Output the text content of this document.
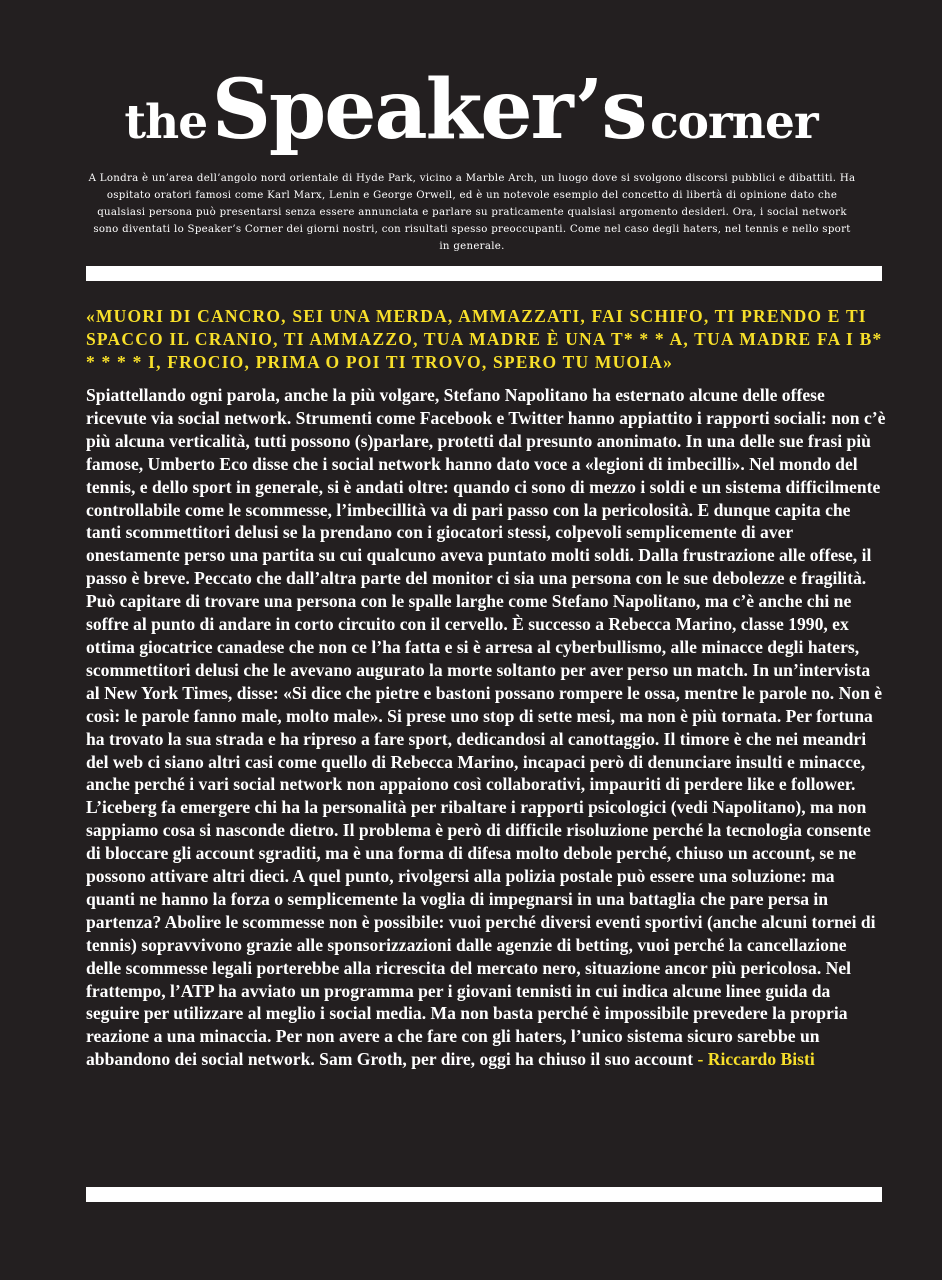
the Speaker’s corner
A Londra è un’area dell’angolo nord orientale di Hyde Park, vicino a Marble Arch, un luogo dove si svolgono discorsi pubblici e dibattiti. Ha ospitato oratori famosi come Karl Marx, Lenin e George Orwell, ed è un notevole esempio del concetto di libertà di opinione dato che qualsiasi persona può presentarsi senza essere annunciata e parlare su praticamente qualsiasi argomento desideri. Ora, i social network sono diventati lo Speaker’s Corner dei giorni nostri, con risultati spesso preoccupanti. Come nel caso degli haters, nel tennis e nello sport in generale.
«MUORI DI CANCRO, SEI UNA MERDA, AMMAZZATI, FAI SCHIFO, TI PRENDO E TI SPACCO IL CRANIO, TI AMMAZZO, TUA MADRE È UNA T* * * A, TUA MADRE FA I B* * * * * I, FROCIO, PRIMA O POI TI TROVO, SPERO TU MUOIA»
Spiattellando ogni parola, anche la più volgare, Stefano Napolitano ha esternato alcune delle offese ricevute via social network. Strumenti come Facebook e Twitter hanno appiattito i rapporti sociali: non c’è più alcuna verticalità, tutti possono (s)parlare, protetti dal presunto anonimato. In una delle sue frasi più famose, Umberto Eco disse che i social network hanno dato voce a «legioni di imbecilli». Nel mondo del tennis, e dello sport in generale, si è andati oltre: quando ci sono di mezzo i soldi e un sistema difficilmente controllabile come le scommesse, l’imbecillità va di pari passo con la pericolosità. E dunque capita che tanti scommettitori delusi se la prendano con i giocatori stessi, colpevoli semplicemente di aver onestamente perso una partita su cui qualcuno aveva puntato molti soldi. Dalla frustrazione alle offese, il passo è breve. Peccato che dall’altra parte del monitor ci sia una persona con le sue debolezze e fragilità. Può capitare di trovare una persona con le spalle larghe come Stefano Napolitano, ma c’è anche chi ne soffre al punto di andare in corto circuito con il cervello. È successo a Rebecca Marino, classe 1990, ex ottima giocatrice canadese che non ce l’ha fatta e si è arresa al cyberbullismo, alle minacce degli haters, scommettitori delusi che le avevano augurato la morte soltanto per aver perso un match. In un’intervista al New York Times, disse: «Si dice che pietre e bastoni possano rompere le ossa, mentre le parole no. Non è così: le parole fanno male, molto male». Si prese uno stop di sette mesi, ma non è più tornata. Per fortuna ha trovato la sua strada e ha ripreso a fare sport, dedicandosi al canottaggio. Il timore è che nei meandri del web ci siano altri casi come quello di Rebecca Marino, incapaci però di denunciare insulti e minacce, anche perché i vari social network non appaiono così collaborativi, impauriti di perdere like e follower. L’iceberg fa emergere chi ha la personalità per ribaltare i rapporti psicologici (vedi Napolitano), ma non sappiamo cosa si nasconde dietro. Il problema è però di difficile risoluzione perché la tecnologia consente di bloccare gli account sgraditi, ma è una forma di difesa molto debole perché, chiuso un account, se ne possono attivare altri dieci. A quel punto, rivolgersi alla polizia postale può essere una soluzione: ma quanti ne hanno la forza o semplicemente la voglia di impegnarsi in una battaglia che pare persa in partenza? Abolire le scommesse non è possibile: vuoi perché diversi eventi sportivi (anche alcuni tornei di tennis) sopravvivono grazie alle sponsorizzazioni dalle agenzie di betting, vuoi perché la cancellazione delle scommesse legali porterebbe alla ricrescita del mercato nero, situazione ancor più pericolosa. Nel frattempo, l’ATP ha avviato un programma per i giovani tennisti in cui indica alcune linee guida da seguire per utilizzare al meglio i social media. Ma non basta perché è impossibile prevedere la propria reazione a una minaccia. Per non avere a che fare con gli haters, l’unico sistema sicuro sarebbe un abbandono dei social network. Sam Groth, per dire, oggi ha chiuso il suo account - Riccardo Bisti
